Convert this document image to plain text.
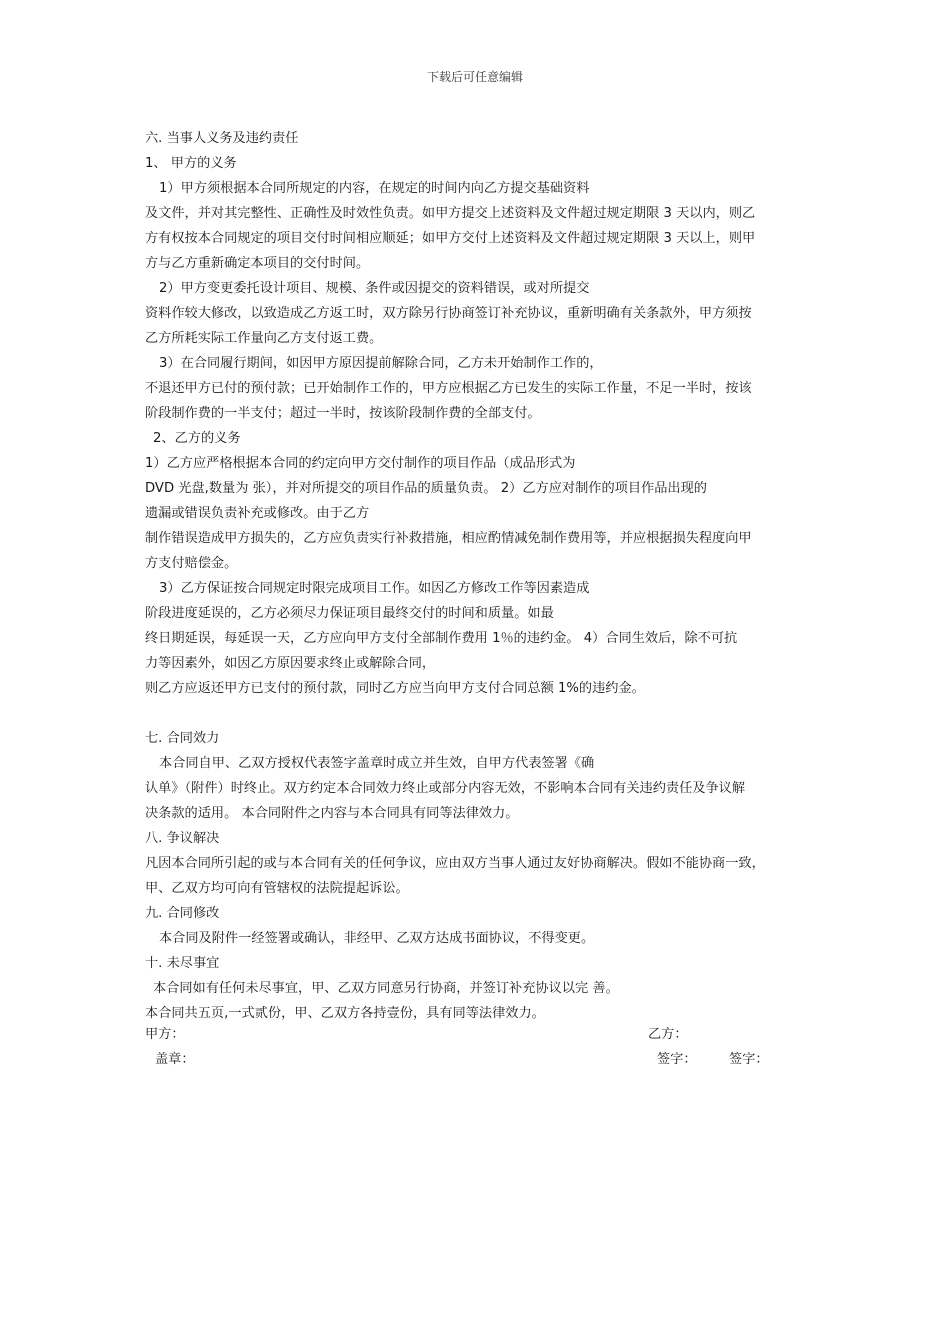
下载后可任意编辑
六. 当事人义务及违约责任
1、 甲方的义务
1）甲方须根据本合同所规定的内容，在规定的时间内向乙方提交基础资料
及文件，并对其完整性、正确性及时效性负责。如甲方提交上述资料及文件超过规定期限 3 天以内，则乙
方有权按本合同规定的项目交付时间相应顺延；如甲方交付上述资料及文件超过规定期限 3 天以上，则甲
方与乙方重新确定本项目的交付时间。
2）甲方变更委托设计项目、规模、条件或因提交的资料错误，或对所提交
资料作较大修改，以致造成乙方返工时，双方除另行协商签订补充协议，重新明确有关条款外，甲方须按
乙方所耗实际工作量向乙方支付返工费。
3）在合同履行期间，如因甲方原因提前解除合同，乙方未开始制作工作的，
不退还甲方已付的预付款；已开始制作工作的，甲方应根据乙方已发生的实际工作量，不足一半时，按该
阶段制作费的一半支付；超过一半时，按该阶段制作费的全部支付。
2、乙方的义务
1）乙方应严格根据本合同的约定向甲方交付制作的项目作品（成品形式为
DVD 光盘,数量为 张），并对所提交的项目作品的质量负责。 2）乙方应对制作的项目作品出现的
遗漏或错误负责补充或修改。由于乙方
制作错误造成甲方损失的，乙方应负责实行补救措施，相应酌情减免制作费用等，并应根据损失程度向甲
方支付赔偿金。
3）乙方保证按合同规定时限完成项目工作。如因乙方修改工作等因素造成
阶段进度延误的，乙方必须尽力保证项目最终交付的时间和质量。如最
终日期延误，每延误一天，乙方应向甲方支付全部制作费用 1％的违约金。 4）合同生效后，除不可抗
力等因素外，如因乙方原因要求终止或解除合同，
则乙方应返还甲方已支付的预付款，同时乙方应当向甲方支付合同总额 1%的违约金。
七. 合同效力
本合同自甲、乙双方授权代表签字盖章时成立并生效，自甲方代表签署《确
认单》（附件）时终止。双方约定本合同效力终止或部分内容无效，不影响本合同有关违约责任及争议解
决条款的适用。 本合同附件之内容与本合同具有同等法律效力。
八. 争议解决
凡因本合同所引起的或与本合同有关的任何争议，应由双方当事人通过友好协商解决。假如不能协商一致，
甲、乙双方均可向有管辖权的法院提起诉讼。
九. 合同修改
本合同及附件一经签署或确认，非经甲、乙双方达成书面协议，不得变更。
十. 未尽事宜
本合同如有任何未尽事宜，甲、乙双方同意另行协商，并签订补充协议以完 善。
本合同共五页,一式贰份，甲、乙双方各持壹份，具有同等法律效力。
甲方：	乙方：
盖章：	签字： 签字：
